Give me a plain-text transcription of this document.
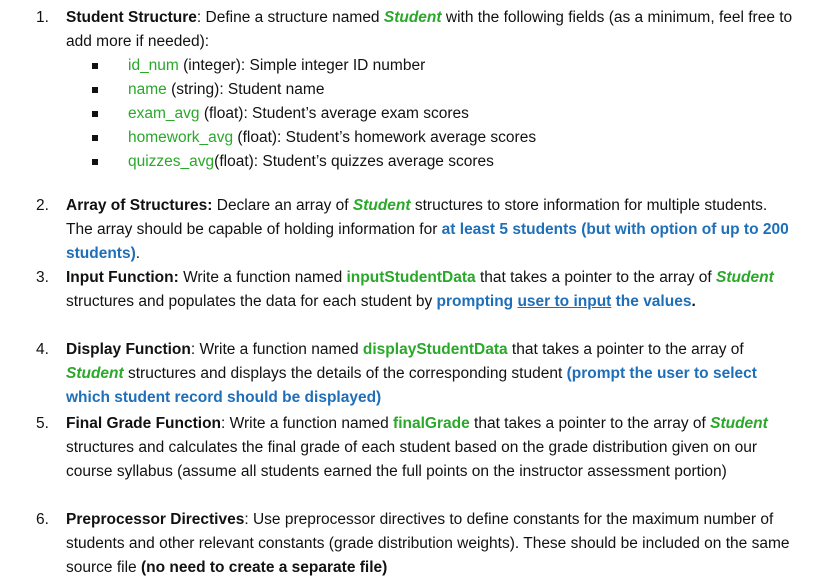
1.	Student Structure: Define a structure named Student with the following fields (as a minimum, feel free to add more if needed):
id_num (integer): Simple integer ID number
name (string): Student name
exam_avg (float): Student’s average exam scores
homework_avg (float): Student’s homework average scores
quizzes_avg(float): Student’s quizzes average scores
2.	Array of Structures: Declare an array of Student structures to store information for multiple students. The array should be capable of holding information for at least 5 students (but with option of up to 200 students).
3.	Input Function: Write a function named inputStudentData that takes a pointer to the array of Student structures and populates the data for each student by prompting user to input the values.
4.	Display Function: Write a function named displayStudentData that takes a pointer to the array of Student structures and displays the details of the corresponding student (prompt the user to select which student record should be displayed)
5.	Final Grade Function: Write a function named finalGrade that takes a pointer to the array of Student structures and calculates the final grade of each student based on the grade distribution given on our course syllabus (assume all students earned the full points on the instructor assessment portion)
6.	Preprocessor Directives: Use preprocessor directives to define constants for the maximum number of students and other relevant constants (grade distribution weights). These should be included on the same source file (no need to create a separate file)
